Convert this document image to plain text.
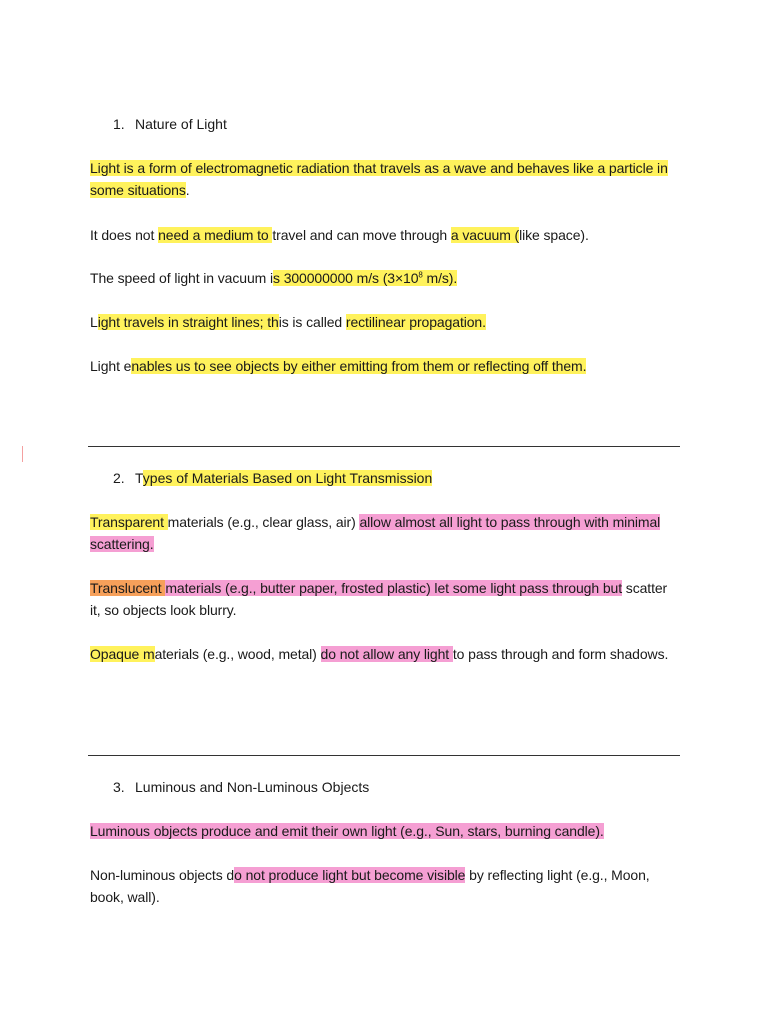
1. Nature of Light
Light is a form of electromagnetic radiation that travels as a wave and behaves like a particle in some situations.
It does not need a medium to travel and can move through a vacuum (like space).
The speed of light in vacuum is 300000000 m/s ($3\times 10^8$ m/s).
Light travels in straight lines; this is called rectilinear propagation.
Light enables us to see objects by either emitting from them or reflecting off them.
2. Types of Materials Based on Light Transmission
Transparent materials (e.g., clear glass, air) allow almost all light to pass through with minimal scattering.
Translucent materials (e.g., butter paper, frosted plastic) let some light pass through but scatter it, so objects look blurry.
Opaque materials (e.g., wood, metal) do not allow any light to pass through and form shadows.
3. Luminous and Non-Luminous Objects
Luminous objects produce and emit their own light (e.g., Sun, stars, burning candle).
Non-luminous objects do not produce light but become visible by reflecting light (e.g., Moon, book, wall).
